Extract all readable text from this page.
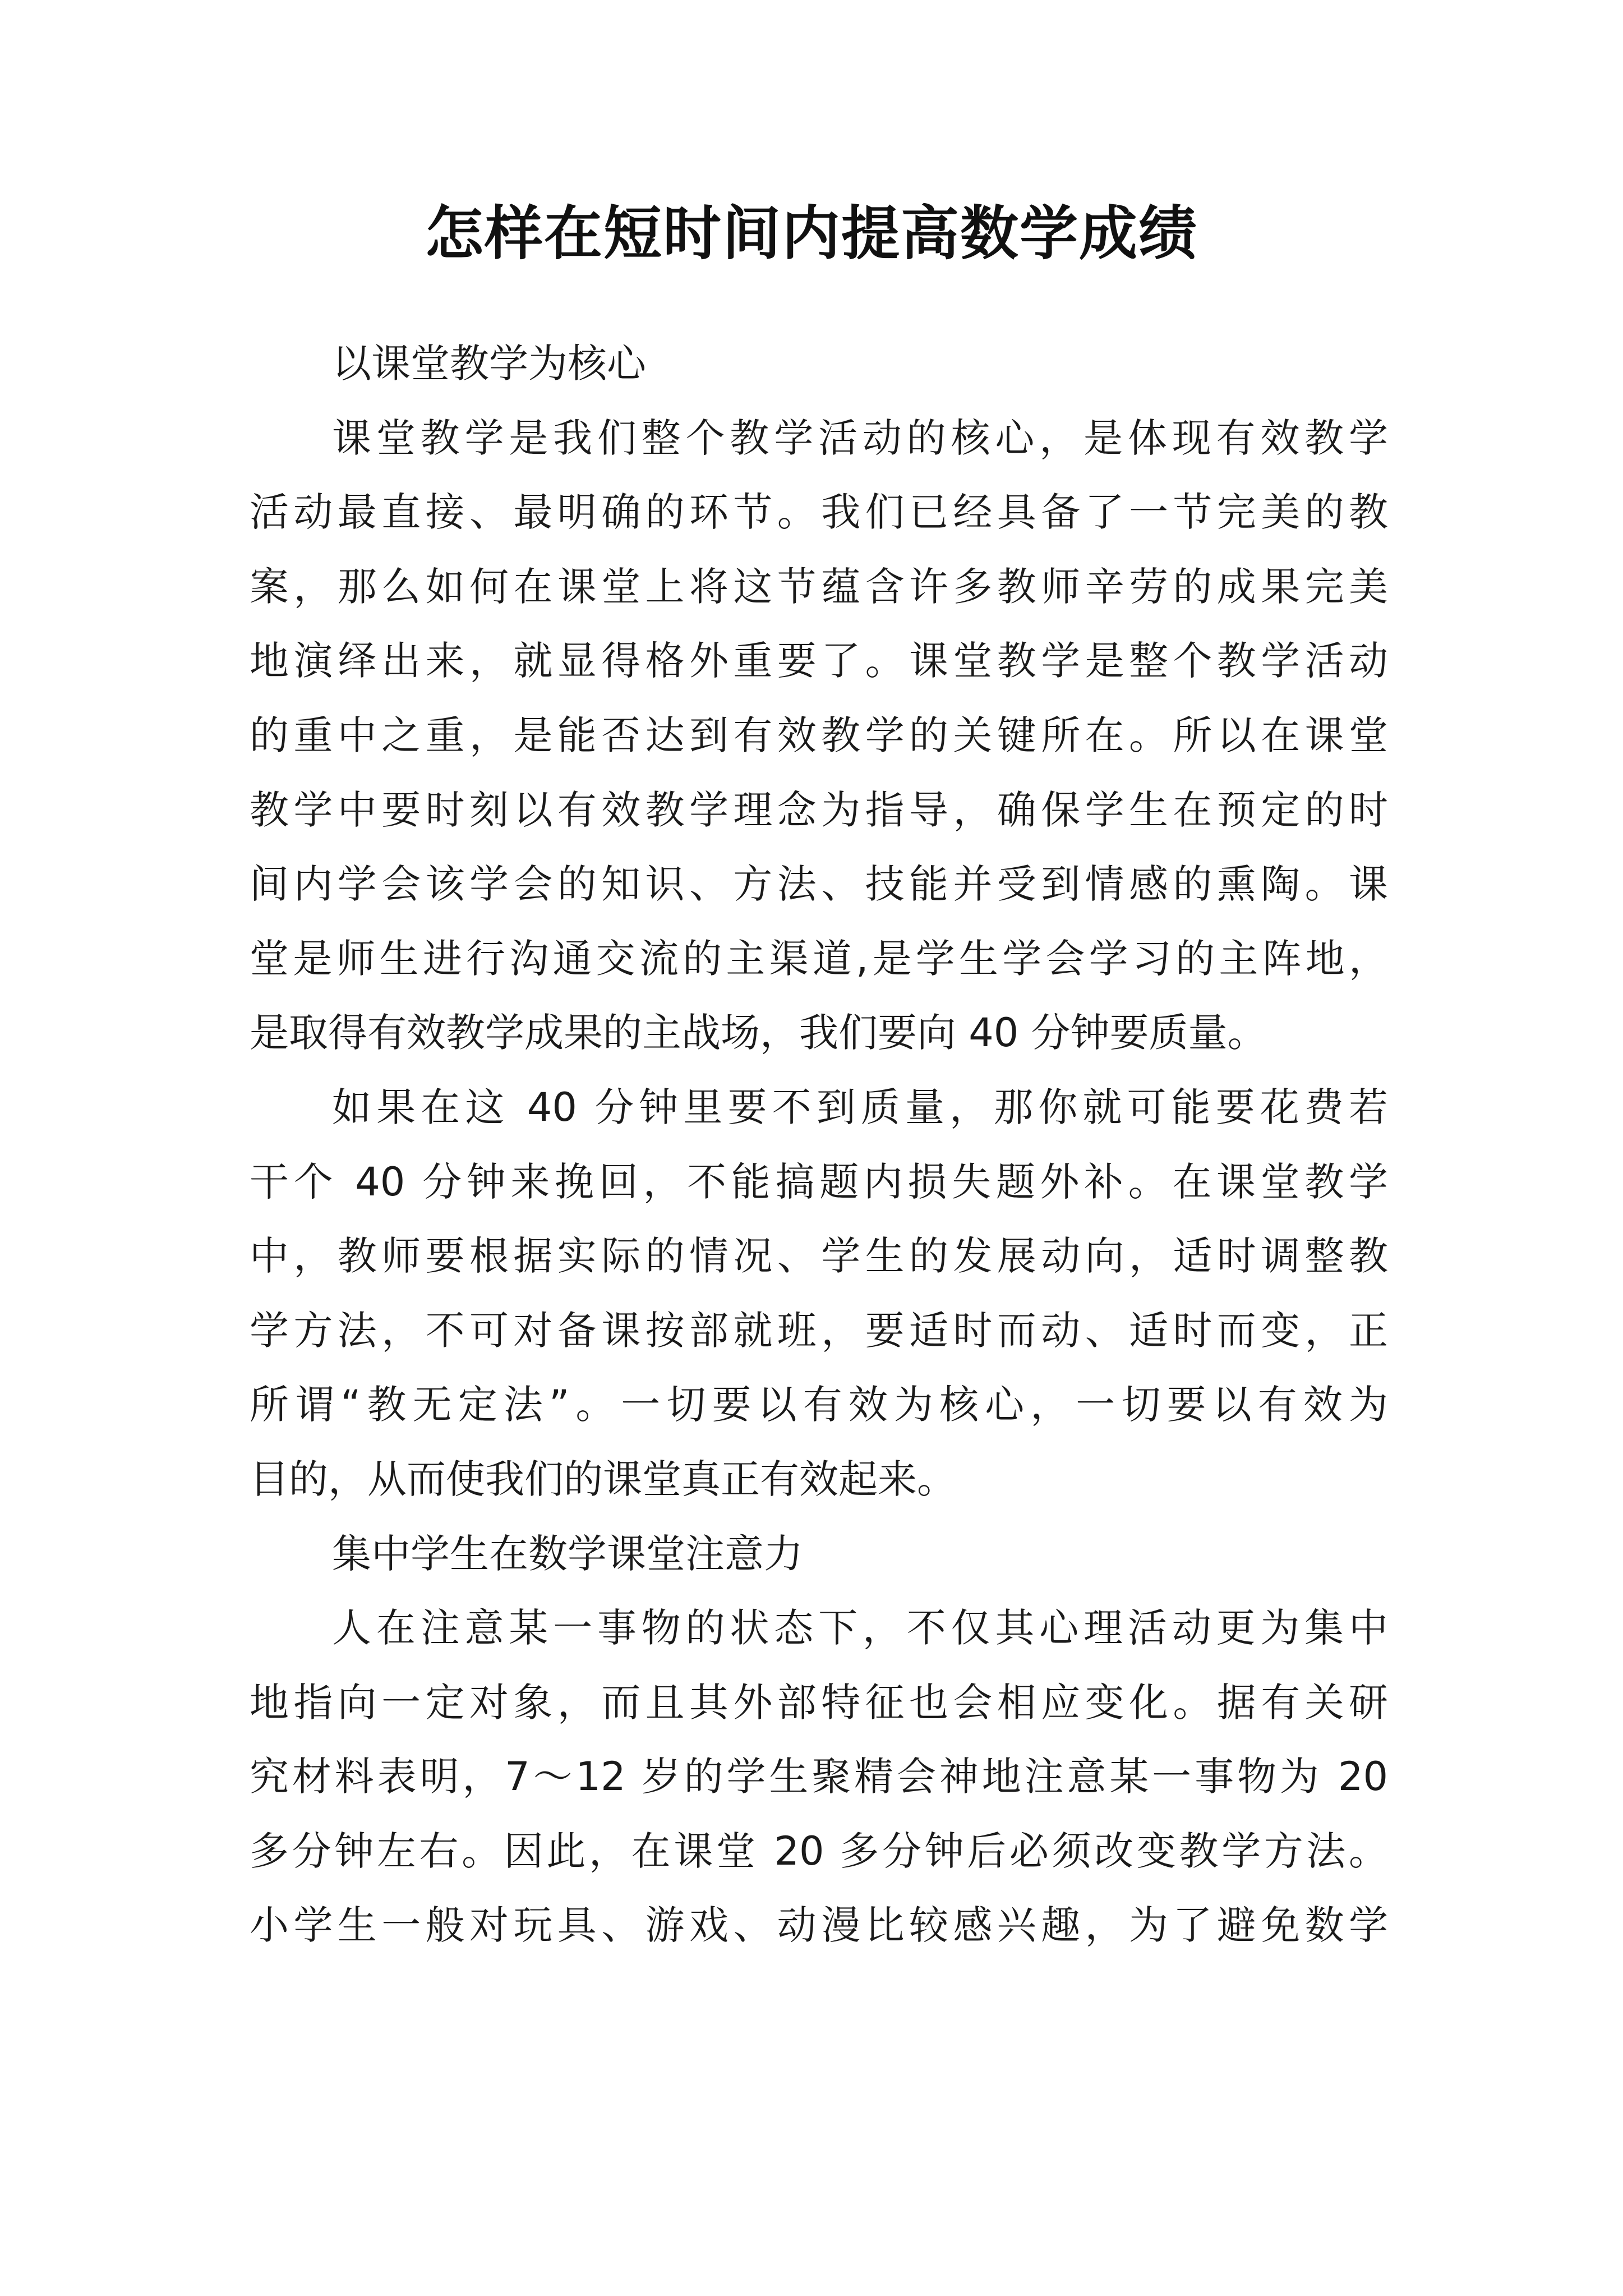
怎样在短时间内提高数学成绩
以课堂教学为核心
课堂教学是我们整个教学活动的核心，是体现有效教学
活动最直接、最明确的环节。我们已经具备了一节完美的教
案，那么如何在课堂上将这节蕴含许多教师辛劳的成果完美
地演绎出来，就显得格外重要了。课堂教学是整个教学活动
的重中之重，是能否达到有效教学的关键所在。所以在课堂
教学中要时刻以有效教学理念为指导，确保学生在预定的时
间内学会该学会的知识、方法、技能并受到情感的熏陶。课
堂是师生进行沟通交流的主渠道,是学生学会学习的主阵地，
是取得有效教学成果的主战场，我们要向 40 分钟要质量。
如果在这 40 分钟里要不到质量，那你就可能要花费若
干个 40 分钟来挽回，不能搞题内损失题外补。在课堂教学
中，教师要根据实际的情况、学生的发展动向，适时调整教
学方法，不可对备课按部就班，要适时而动、适时而变，正
所谓“教无定法”。一切要以有效为核心，一切要以有效为
目的，从而使我们的课堂真正有效起来。
集中学生在数学课堂注意力
人在注意某一事物的状态下，不仅其心理活动更为集中
地指向一定对象，而且其外部特征也会相应变化。据有关研
究材料表明，7～12 岁的学生聚精会神地注意某一事物为 20
多分钟左右。因此，在课堂 20 多分钟后必须改变教学方法。
小学生一般对玩具、游戏、动漫比较感兴趣，为了避免数学
